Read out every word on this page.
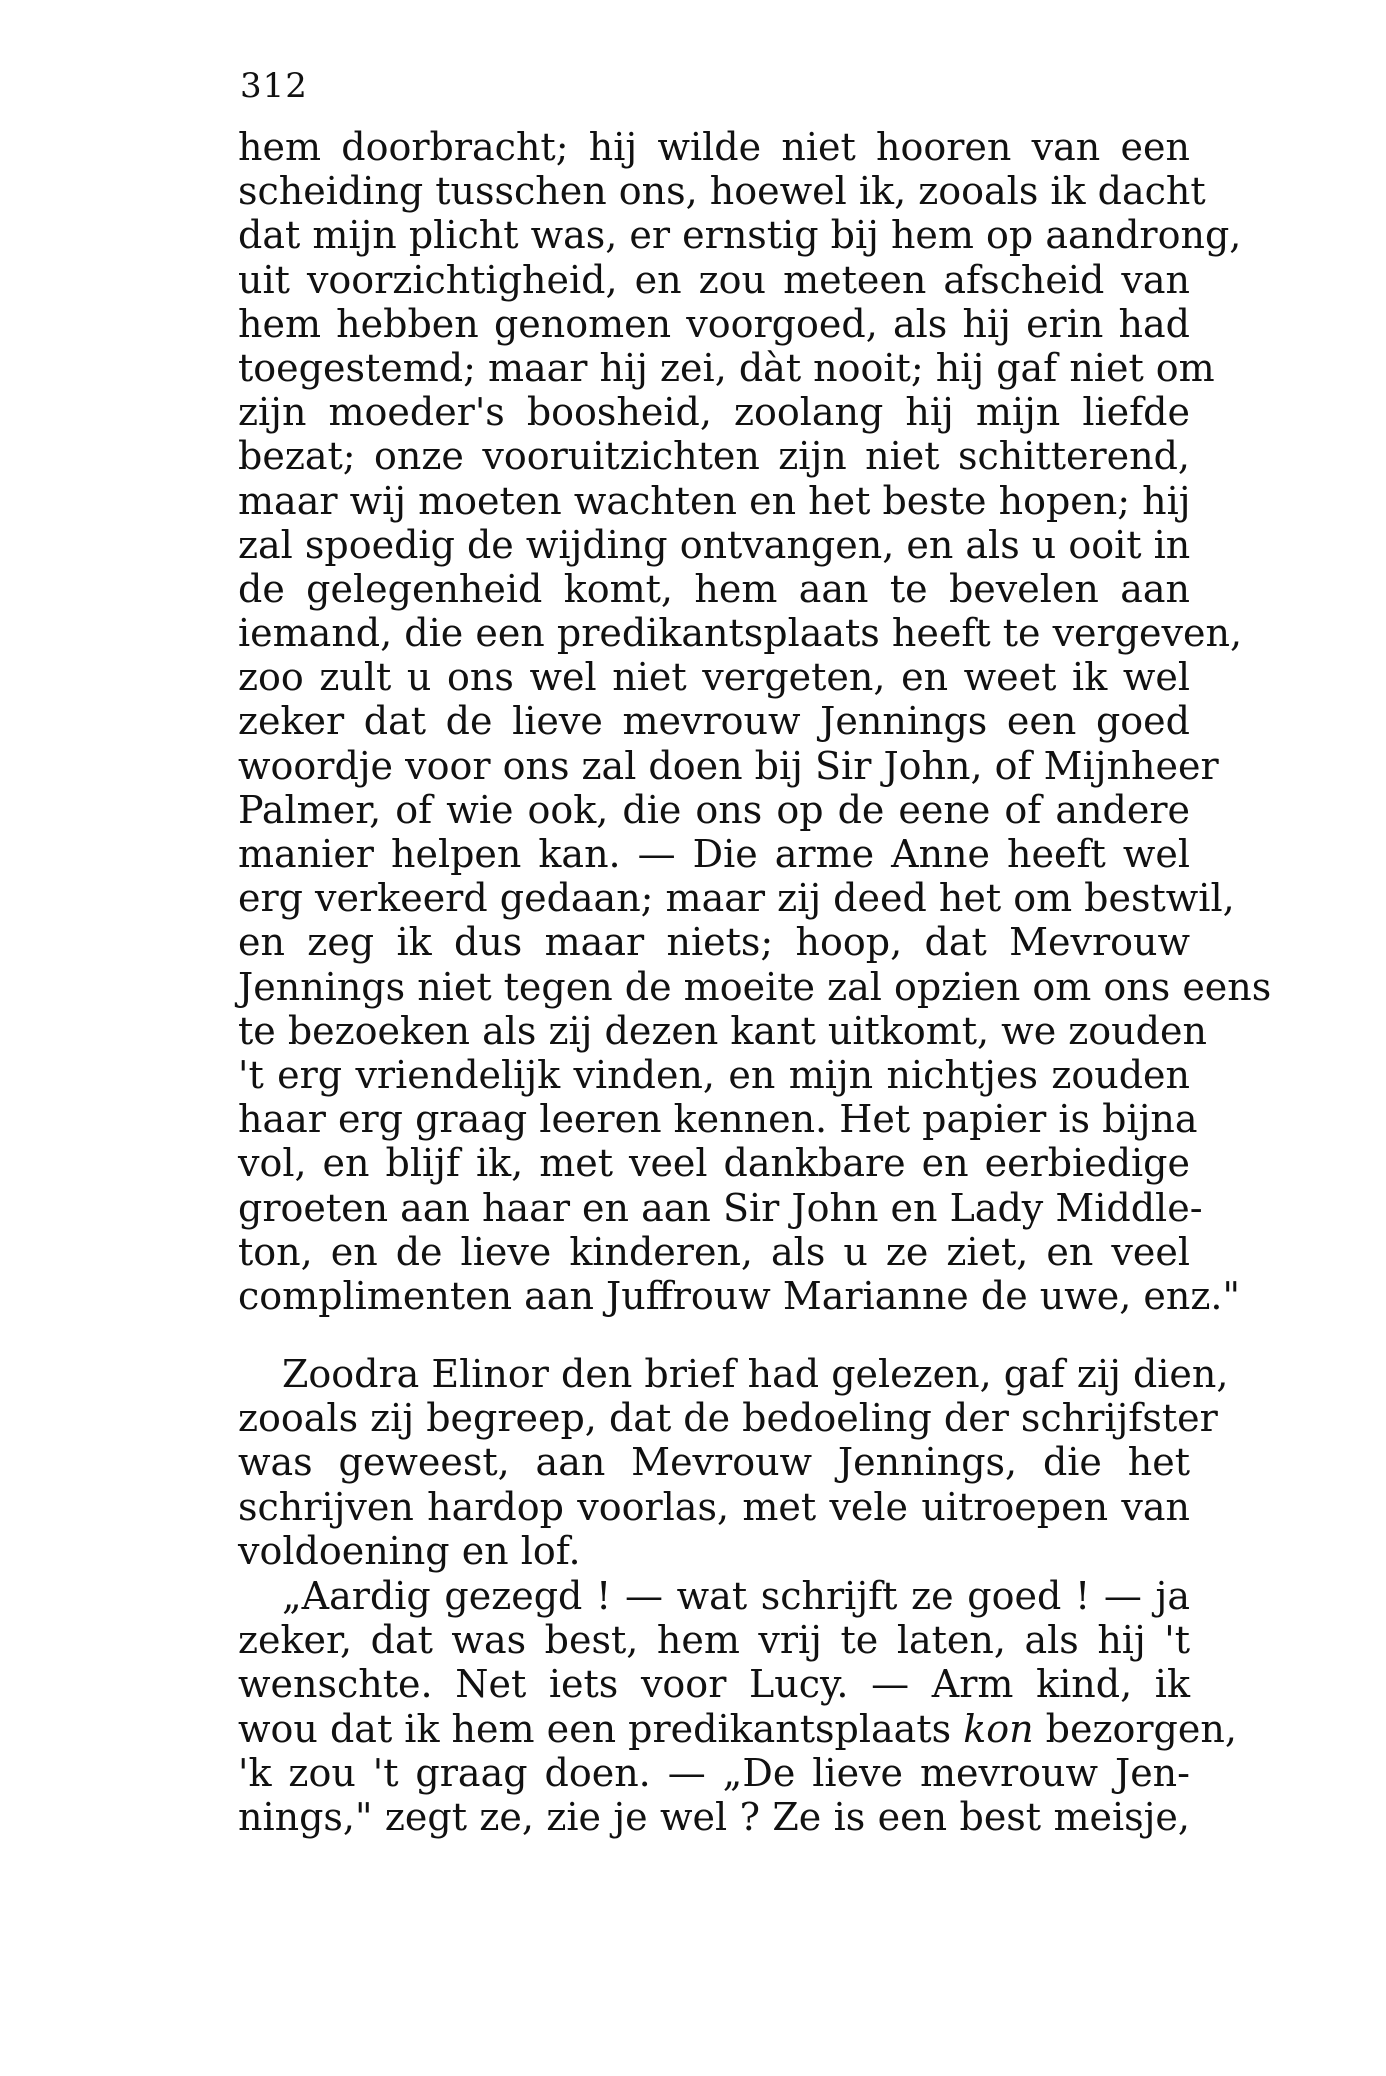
312
hem doorbracht; hij wilde niet hooren van een
scheiding tusschen ons, hoewel ik, zooals ik dacht
dat mijn plicht was, er ernstig bij hem op aandrong,
uit voorzichtigheid, en zou meteen afscheid van
hem hebben genomen voorgoed, als hij erin had
toegestemd; maar hij zei, dàt nooit; hij gaf niet om
zijn moeder's boosheid, zoolang hij mijn liefde
bezat; onze vooruitzichten zijn niet schitterend,
maar wij moeten wachten en het beste hopen; hij
zal spoedig de wijding ontvangen, en als u ooit in
de gelegenheid komt, hem aan te bevelen aan
iemand, die een predikantsplaats heeft te vergeven,
zoo zult u ons wel niet vergeten, en weet ik wel
zeker dat de lieve mevrouw Jennings een goed
woordje voor ons zal doen bij Sir John, of Mijnheer
Palmer, of wie ook, die ons op de eene of andere
manier helpen kan. — Die arme Anne heeft wel
erg verkeerd gedaan; maar zij deed het om bestwil,
en zeg ik dus maar niets; hoop, dat Mevrouw
Jennings niet tegen de moeite zal opzien om ons eens
te bezoeken als zij dezen kant uitkomt, we zouden
't erg vriendelijk vinden, en mijn nichtjes zouden
haar erg graag leeren kennen. Het papier is bijna
vol, en blijf ik, met veel dankbare en eerbiedige
groeten aan haar en aan Sir John en Lady Middle-
ton, en de lieve kinderen, als u ze ziet, en veel
complimenten aan Juffrouw Marianne de uwe, enz."
Zoodra Elinor den brief had gelezen, gaf zij dien,
zooals zij begreep, dat de bedoeling der schrijfster
was geweest, aan Mevrouw Jennings, die het
schrijven hardop voorlas, met vele uitroepen van
voldoening en lof.
„Aardig gezegd ! — wat schrijft ze goed ! — ja
zeker, dat was best, hem vrij te laten, als hij 't
wenschte. Net iets voor Lucy. — Arm kind, ik
wou dat ik hem een predikantsplaats kon bezorgen,
'k zou 't graag doen. — „De lieve mevrouw Jen-
nings," zegt ze, zie je wel ? Ze is een best meisje,
